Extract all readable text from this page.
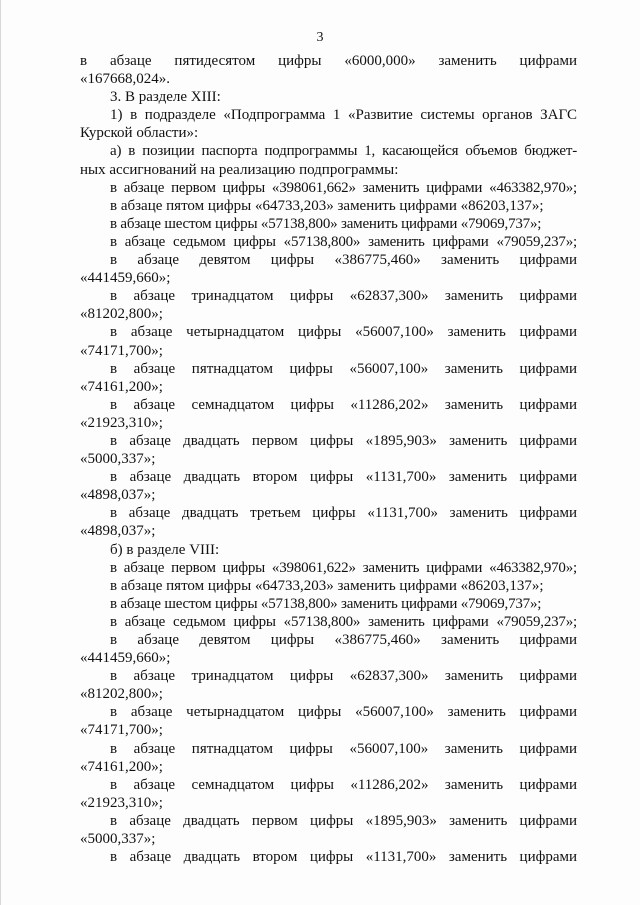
3
в абзаце пятидесятом цифры «6000,000» заменить цифрами
«167668,024».
3. В разделе XIII:
1) в подразделе «Подпрограмма 1 «Развитие системы органов ЗАГС
Курской области»:
а) в позиции паспорта подпрограммы 1, касающейся объемов бюджет-
ных ассигнований на реализацию подпрограммы:
в абзаце первом цифры «398061,662» заменить цифрами «463382,970»;
в абзаце пятом цифры «64733,203» заменить цифрами «86203,137»;
в абзаце шестом цифры «57138,800» заменить цифрами «79069,737»;
в абзаце седьмом цифры «57138,800» заменить цифрами «79059,237»;
в абзаце девятом цифры «386775,460» заменить цифрами
«441459,660»;
в абзаце тринадцатом цифры «62837,300» заменить цифрами
«81202,800»;
в абзаце четырнадцатом цифры «56007,100» заменить цифрами
«74171,700»;
в абзаце пятнадцатом цифры «56007,100» заменить цифрами
«74161,200»;
в абзаце семнадцатом цифры «11286,202» заменить цифрами
«21923,310»;
в абзаце двадцать первом цифры «1895,903» заменить цифрами
«5000,337»;
в абзаце двадцать втором цифры «1131,700» заменить цифрами
«4898,037»;
в абзаце двадцать третьем цифры «1131,700» заменить цифрами
«4898,037»;
б) в разделе VIII:
в абзаце первом цифры «398061,622» заменить цифрами «463382,970»;
в абзаце пятом цифры «64733,203» заменить цифрами «86203,137»;
в абзаце шестом цифры «57138,800» заменить цифрами «79069,737»;
в абзаце седьмом цифры «57138,800» заменить цифрами «79059,237»;
в абзаце девятом цифры «386775,460» заменить цифрами
«441459,660»;
в абзаце тринадцатом цифры «62837,300» заменить цифрами
«81202,800»;
в абзаце четырнадцатом цифры «56007,100» заменить цифрами
«74171,700»;
в абзаце пятнадцатом цифры «56007,100» заменить цифрами
«74161,200»;
в абзаце семнадцатом цифры «11286,202» заменить цифрами
«21923,310»;
в абзаце двадцать первом цифры «1895,903» заменить цифрами
«5000,337»;
в абзаце двадцать втором цифры «1131,700» заменить цифрами
